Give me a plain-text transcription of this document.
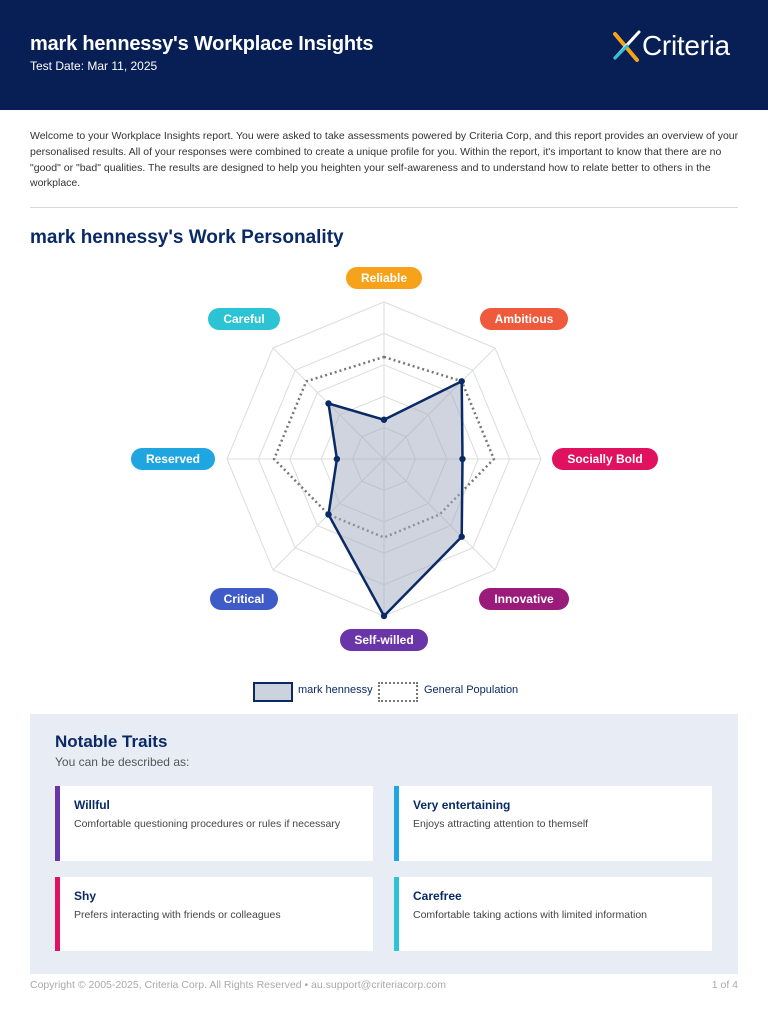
mark hennessy's Workplace Insights
Test Date: Mar 11, 2025
Criteria
Welcome to your Workplace Insights report. You were asked to take assessments powered by Criteria Corp, and this report provides an overview of your personalised results. All of your responses were combined to create a unique profile for you. Within the report, it's important to know that there are no "good" or "bad" qualities. The results are designed to help you heighten your self-awareness and to understand how to relate better to others in the workplace.
mark hennessy's Work Personality
Reliable
Ambitious
Socially Bold
Innovative
Self-willed
Critical
Reserved
Careful
mark hennessy	General Population
Notable Traits
You can be described as:
Willful
Comfortable questioning procedures or rules if necessary
Very entertaining
Enjoys attracting attention to themself
Shy
Prefers interacting with friends or colleagues
Carefree
Comfortable taking actions with limited information
Copyright © 2005-2025, Criteria Corp. All Rights Reserved • au.support@criteriacorp.com	1 of 4
